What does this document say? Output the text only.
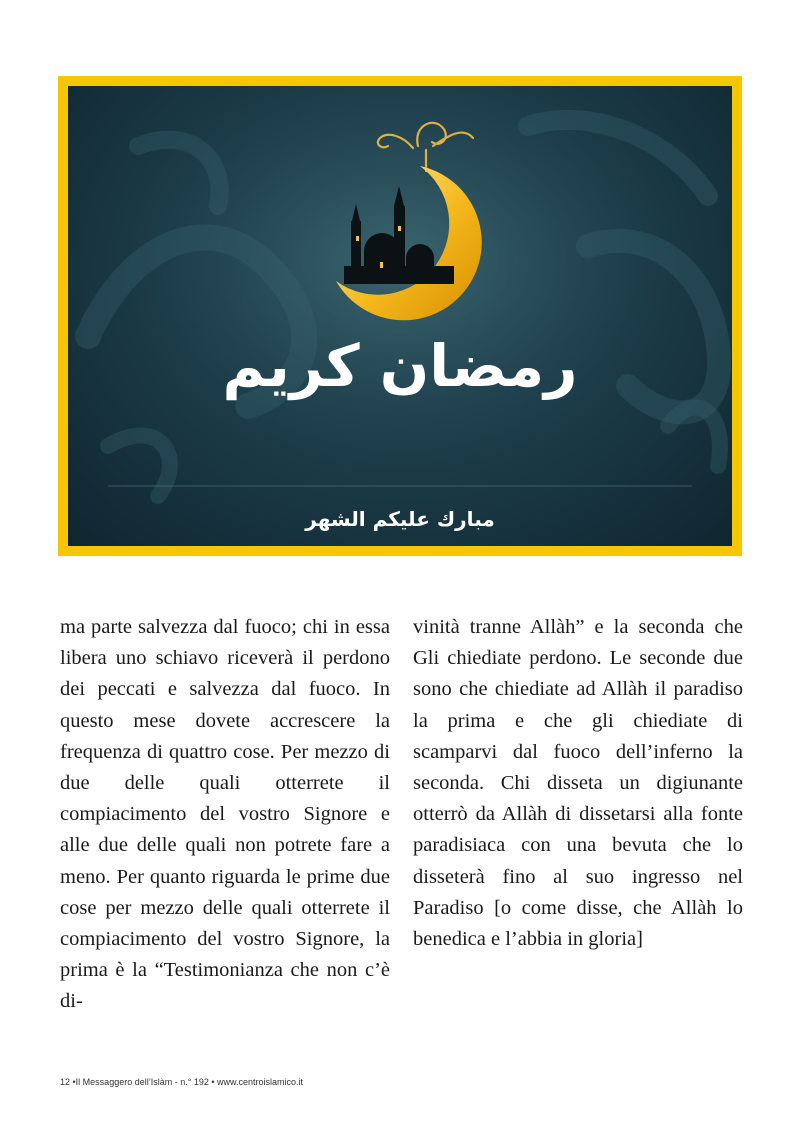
رمضان كريم
مبارك عليكم الشهر

ma parte salvezza dal fuoco; chi in essa libera uno schiavo riceverà il perdono dei peccati e salvezza dal fuoco. In questo mese dovete accrescere la frequenza di quattro cose. Per mezzo di due delle quali otterrete il compiacimento del vostro Signore e alle due delle quali non potrete fare a meno. Per quanto riguarda le prime due cose per mezzo delle quali otterrete il compiacimento del vostro Signore, la prima è la “Testimonianza che non c’è di-

vinità tranne Allàh” e la seconda che Gli chiediate perdono. Le seconde due sono che chiediate ad Allàh il paradiso la prima e che gli chiediate di scamparvi dal fuoco dell’inferno la seconda. Chi disseta un digiunante otterrò da Allàh di dissetarsi alla fonte paradisiaca con una bevuta che lo disseterà fino al suo ingresso nel Paradiso [o come disse, che Allàh lo benedica e l’abbia in gloria]

12 •Il Messaggero dell’Islàm - n.° 192 • www.centroislamico.it
